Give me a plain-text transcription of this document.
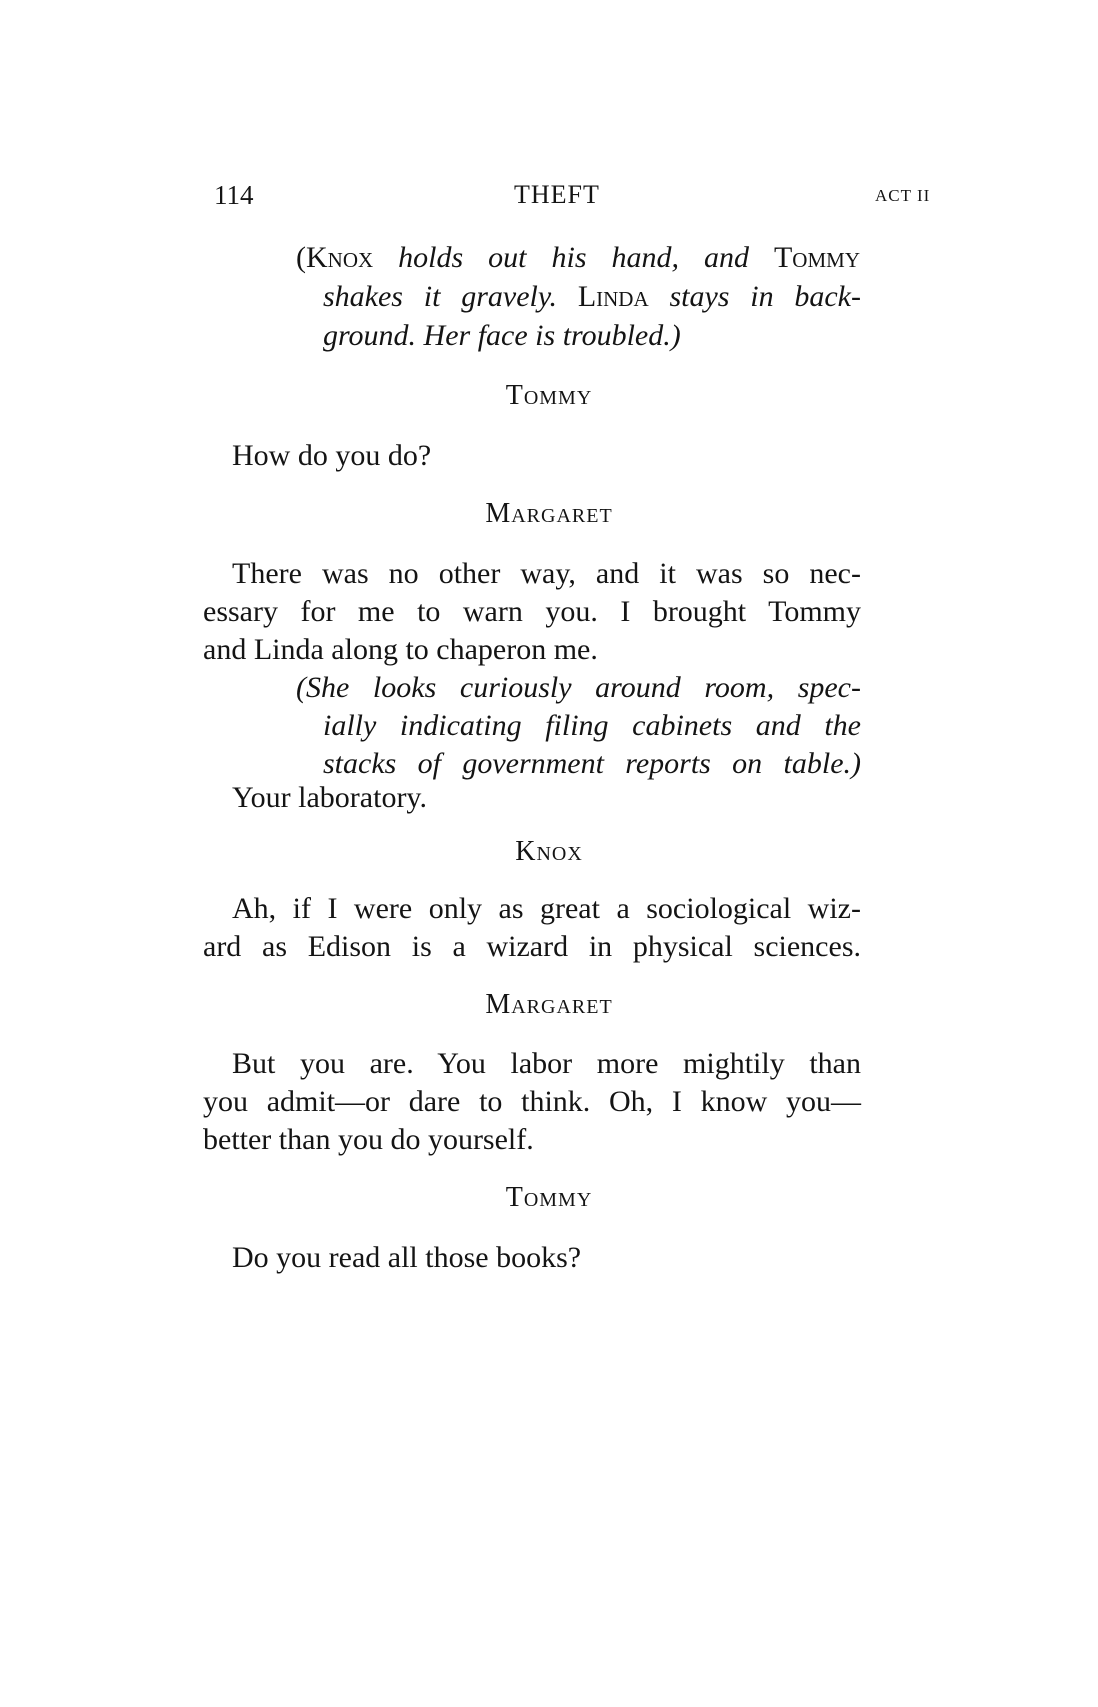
114	THEFT	ACT II
(Knox holds out his hand, and Tommy
shakes it gravely. Linda stays in back-
ground. Her face is troubled.)
Tommy
How do you do?
Margaret
There was no other way, and it was so nec-
essary for me to warn you. I brought Tommy
and Linda along to chaperon me.
(She looks curiously around room, spec-
ially indicating filing cabinets and the
stacks of government reports on table.)
Your laboratory.
Knox
Ah, if I were only as great a sociological wiz-
ard as Edison is a wizard in physical sciences.
Margaret
But you are. You labor more mightily than
you admit—or dare to think. Oh, I know you—
better than you do yourself.
Tommy
Do you read all those books?
